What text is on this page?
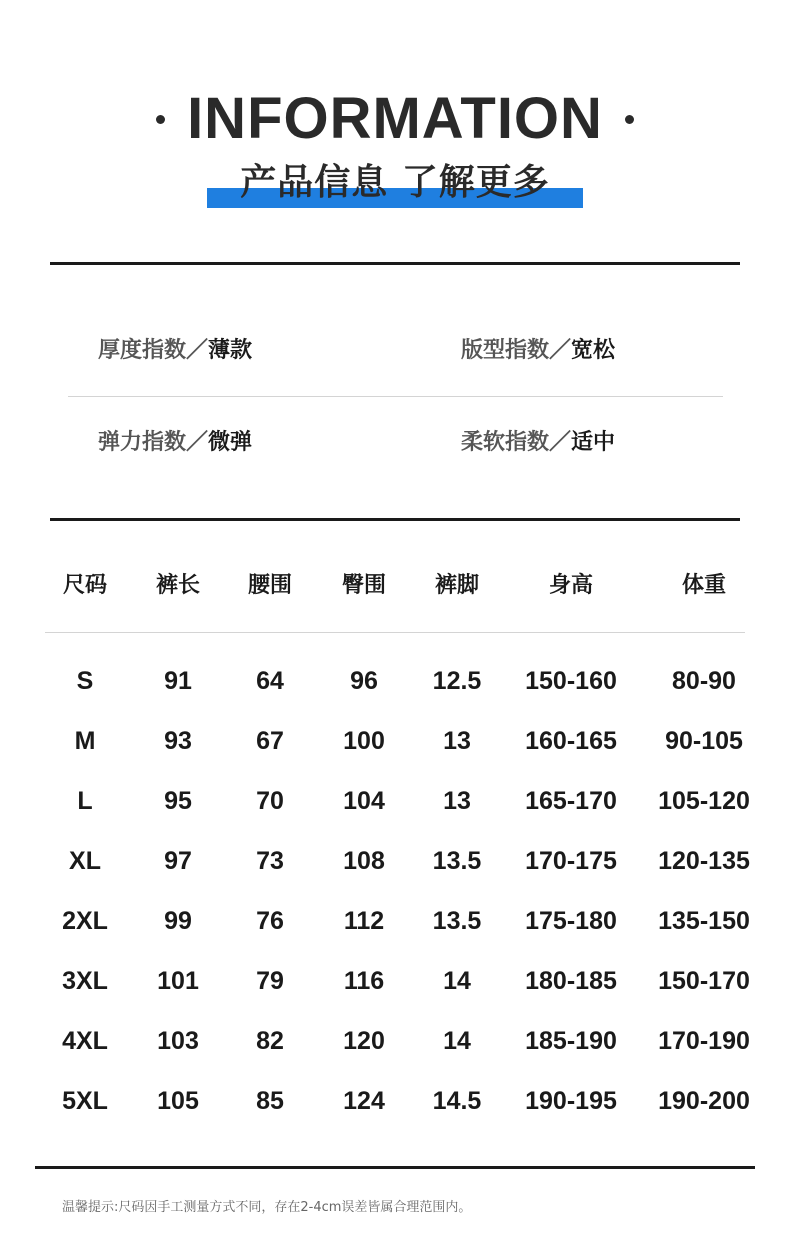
INFORMATION
产品信息 了解更多
厚度指数／薄款	版型指数／宽松
弹力指数／微弹	柔软指数／适中
尺码 裤长 腰围 臀围 裤脚	身高	体重
S	91	64	96 12.5 150-160 80-90
M	93	67 100 13 160-165 90-105
L	95	70 104 13 165-170 105-120
XL	97	73 108 13.5 170-175 120-135
2XL 99	76 112 13.5 175-180 135-150
3XL 101 79 116 14 180-185 150-170
4XL 103 82 120 14 185-190 170-190
5XL 105 85 124 14.5 190-195 190-200
温馨提示:尺码因手工测量方式不同，存在2-4cm误差皆属合理范围内。
